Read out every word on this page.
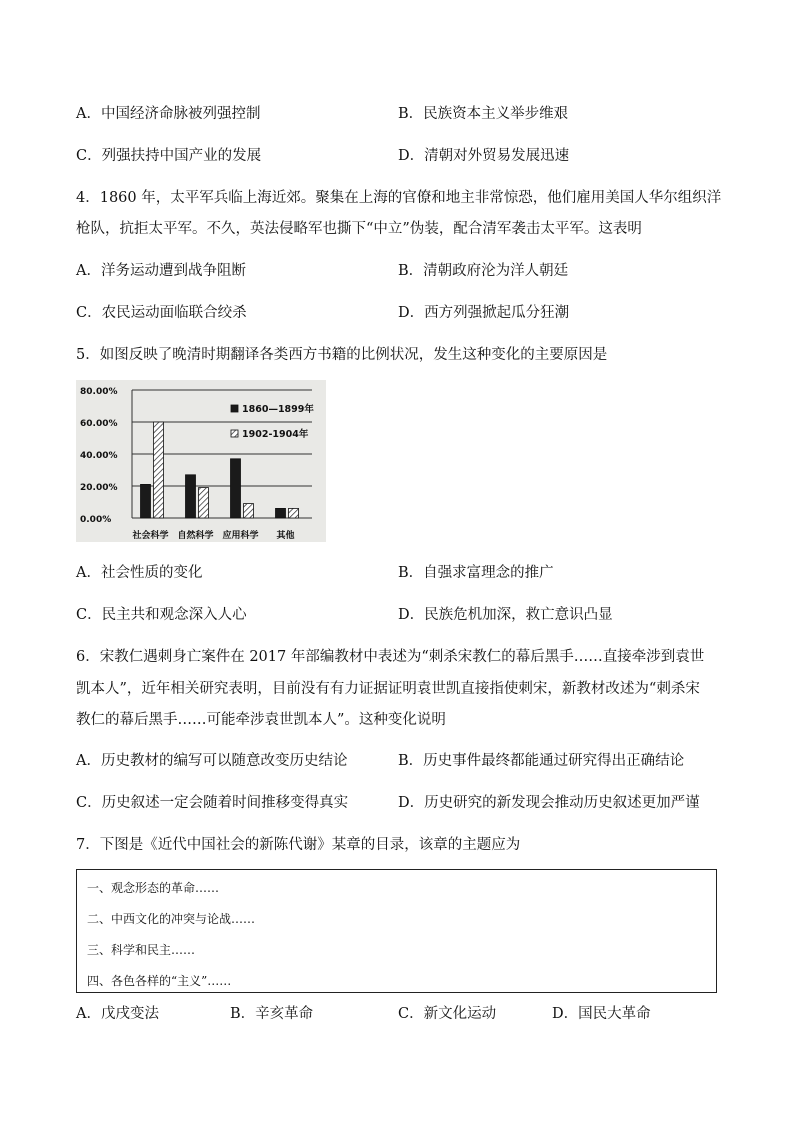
A．中国经济命脉被列强控制	B．民族资本主义举步维艰
C．列强扶持中国产业的发展	D．清朝对外贸易发展迅速
4．1860 年，太平军兵临上海近郊。聚集在上海的官僚和地主非常惊恐，他们雇用美国人华尔组织洋
枪队，抗拒太平军。不久，英法侵略军也撕下“中立”伪装，配合清军袭击太平军。这表明
A．洋务运动遭到战争阻断	B．清朝政府沦为洋人朝廷
C．农民运动面临联合绞杀	D．西方列强掀起瓜分狂潮
5．如图反映了晚清时期翻译各类西方书籍的比例状况，发生这种变化的主要原因是
80.00%
60.00%
40.00%
20.00%
0.00%
社会科学 自然科学 应用科学 其他
1860—1899年
1902-1904年
A．社会性质的变化	B．自强求富理念的推广
C．民主共和观念深入人心	D．民族危机加深，救亡意识凸显
6．宋教仁遇刺身亡案件在 2017 年部编教材中表述为“刺杀宋教仁的幕后黑手……直接牵涉到袁世
凯本人”，近年相关研究表明，目前没有有力证据证明袁世凯直接指使刺宋，新教材改述为“刺杀宋
教仁的幕后黑手……可能牵涉袁世凯本人”。这种变化说明
A．历史教材的编写可以随意改变历史结论	B．历史事件最终都能通过研究得出正确结论
C．历史叙述一定会随着时间推移变得真实	D．历史研究的新发现会推动历史叙述更加严谨
7．下图是《近代中国社会的新陈代谢》某章的目录，该章的主题应为
一、观念形态的革命……
二、中西文化的冲突与论战……
三、科学和民主……
四、各色各样的“主义”……
A．戊戌变法	B．辛亥革命	C．新文化运动	D．国民大革命
